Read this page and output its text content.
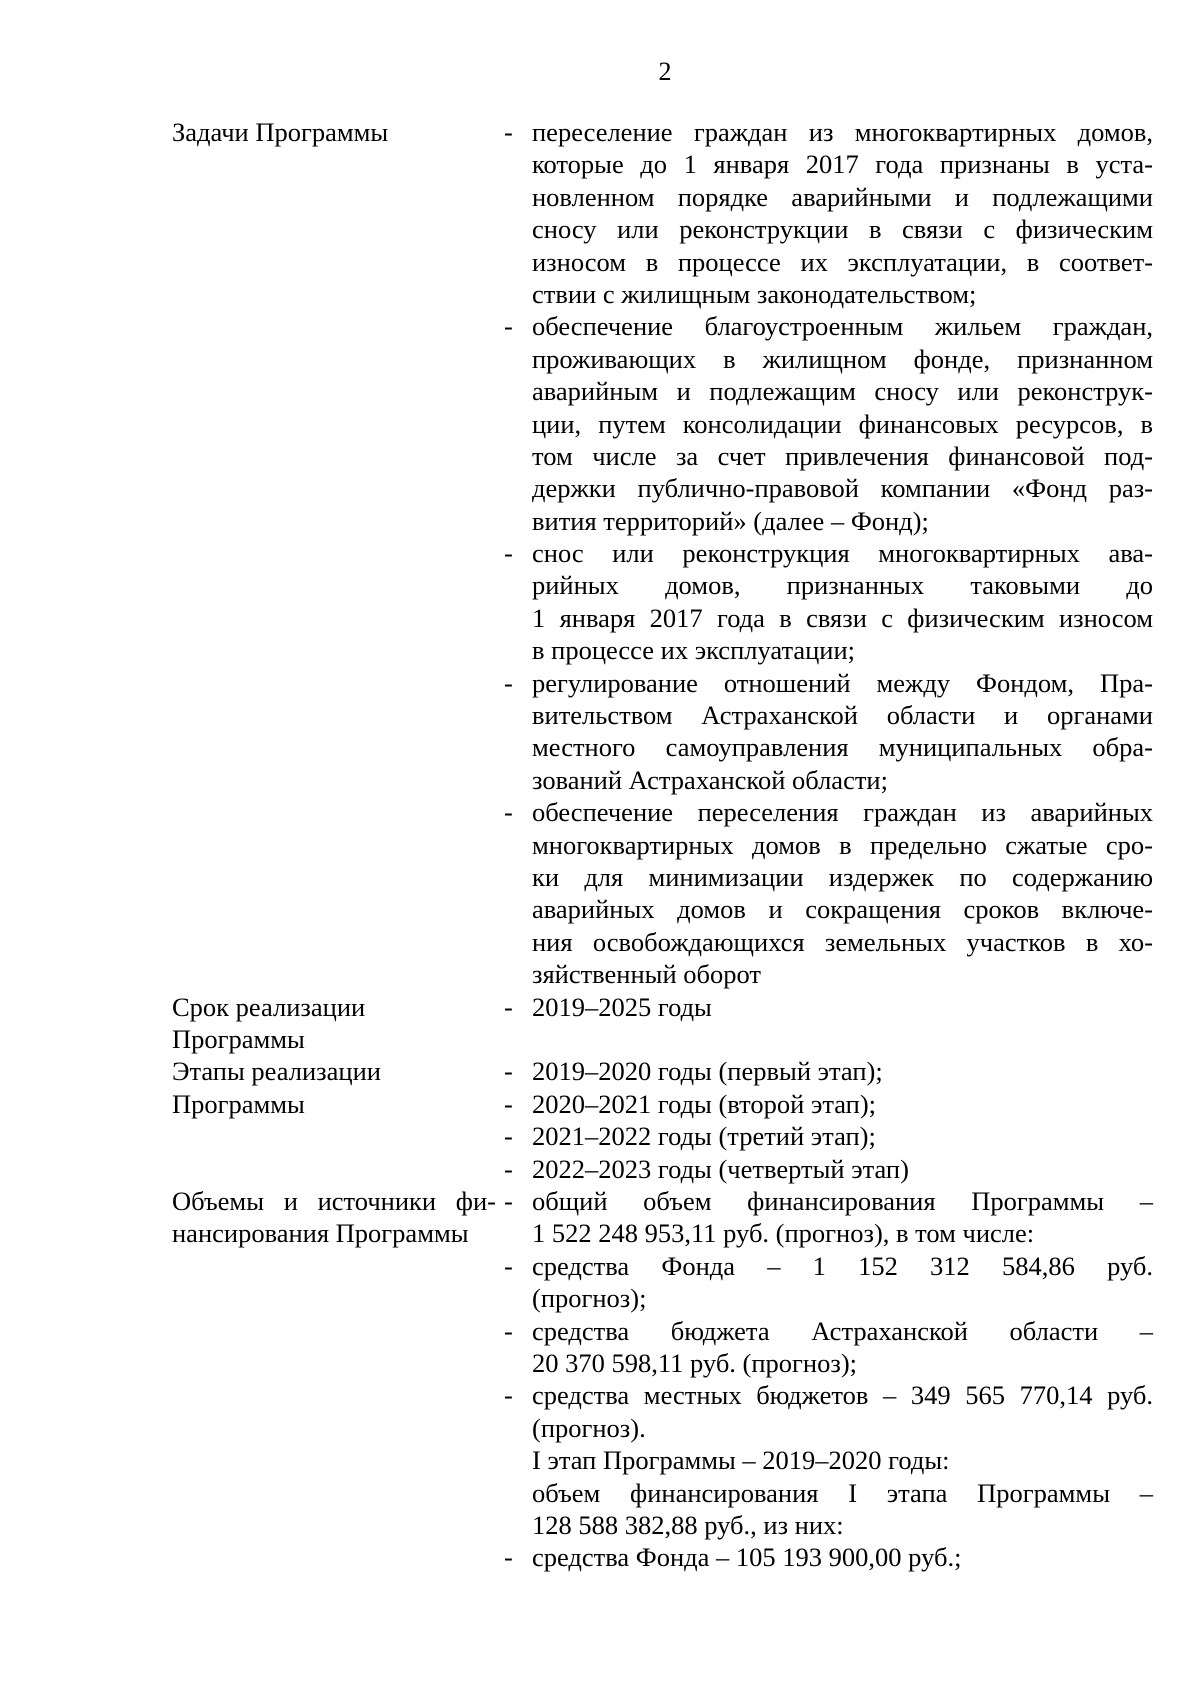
2
Задачи Программы	- переселение граждан из многоквартирных домов,
которые до 1 января 2017 года признаны в уста-
новленном порядке аварийными и подлежащими
сносу или реконструкции в связи с физическим
износом в процессе их эксплуатации, в соответ-
ствии с жилищным законодательством;
- обеспечение благоустроенным жильем граждан,
проживающих в жилищном фонде, признанном
аварийным и подлежащим сносу или реконструк-
ции, путем консолидации финансовых ресурсов, в
том числе за счет привлечения финансовой под-
держки публично-правовой компании «Фонд раз-
вития территорий» (далее – Фонд);
- снос или реконструкция многоквартирных ава-
рийных домов, признанных таковыми до
1 января 2017 года в связи с физическим износом
в процессе их эксплуатации;
- регулирование отношений между Фондом, Пра-
вительством Астраханской области и органами
местного самоуправления муниципальных обра-
зований Астраханской области;
- обеспечение переселения граждан из аварийных
многоквартирных домов в предельно сжатые сро-
ки для минимизации издержек по содержанию
аварийных домов и сокращения сроков включе-
ния освобождающихся земельных участков в хо-
зяйственный оборот
Срок реализации
Программы
- 2019–2025 годы
Этапы реализации
Программы
- 2019–2020 годы (первый этап);
- 2020–2021 годы (второй этап);
- 2021–2022 годы (третий этап);
- 2022–2023 годы (четвертый этап)
Объемы и источники фи-
нансирования Программы
- общий объем финансирования Программы –
1 522 248 953,11 руб. (прогноз), в том числе:
- средства Фонда – 1 152 312 584,86 руб.
(прогноз);
- средства бюджета Астраханской области –
20 370 598,11 руб. (прогноз);
- средства местных бюджетов – 349 565 770,14 руб.
(прогноз).
I этап Программы – 2019–2020 годы:
объем финансирования I этапа Программы –
128 588 382,88 руб., из них:
- средства Фонда – 105 193 900,00 руб.;
